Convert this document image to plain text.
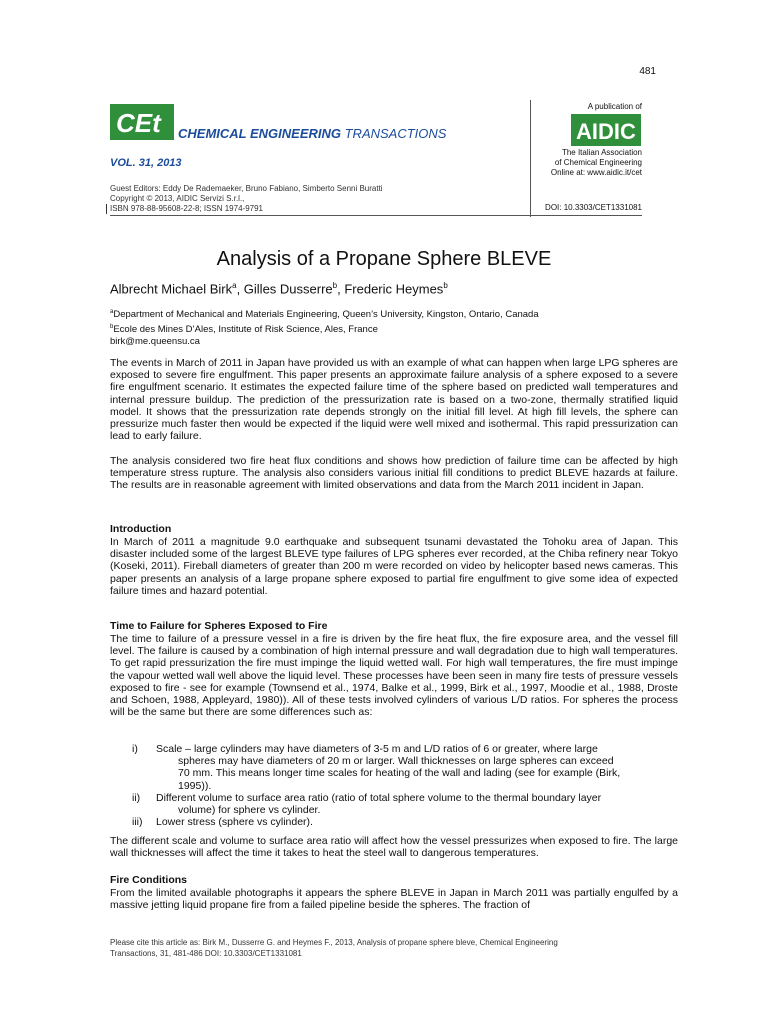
481
CEt CHEMICAL ENGINEERING TRANSACTIONS
VOL. 31, 2013
Guest Editors: Eddy De Rademaeker, Bruno Fabiano, Simberto Senni Buratti
Copyright © 2013, AIDIC Servizi S.r.l.,
ISBN 978-88-95608-22-8; ISSN 1974-9791
A publication of
AIDIC
The Italian Association
of Chemical Engineering
Online at: www.aidic.it/cet
DOI: 10.3303/CET1331081
Analysis of a Propane Sphere BLEVE
Albrecht Michael Birk$^a$, Gilles Dusserre$^b$, Frederic Heymes$^b$
$^a$Department of Mechanical and Materials Engineering, Queen’s University, Kingston, Ontario, Canada
$^b$Ecole des Mines D’Ales, Institute of Risk Science, Ales, France
birk@me.queensu.ca
The events in March of 2011 in Japan have provided us with an example of what can happen when large LPG spheres are exposed to severe fire engulfment. This paper presents an approximate failure analysis of a sphere exposed to a severe fire engulfment scenario. It estimates the expected failure time of the sphere based on predicted wall temperatures and internal pressure buildup. The prediction of the pressurization rate is based on a two-zone, thermally stratified liquid model. It shows that the pressurization rate depends strongly on the initial fill level. At high fill levels, the sphere can pressurize much faster then would be expected if the liquid were well mixed and isothermal. This rapid pressurization can lead to early failure.
The analysis considered two fire heat flux conditions and shows how prediction of failure time can be affected by high temperature stress rupture. The analysis also considers various initial fill conditions to predict BLEVE hazards at failure. The results are in reasonable agreement with limited observations and data from the March 2011 incident in Japan.
Introduction
In March of 2011 a magnitude 9.0 earthquake and subsequent tsunami devastated the Tohoku area of Japan. This disaster included some of the largest BLEVE type failures of LPG spheres ever recorded, at the Chiba refinery near Tokyo (Koseki, 2011). Fireball diameters of greater than 200 m were recorded on video by helicopter based news cameras. This paper presents an analysis of a large propane sphere exposed to partial fire engulfment to give some idea of expected failure times and hazard potential.
Time to Failure for Spheres Exposed to Fire
The time to failure of a pressure vessel in a fire is driven by the fire heat flux, the fire exposure area, and the vessel fill level. The failure is caused by a combination of high internal pressure and wall degradation due to high wall temperatures. To get rapid pressurization the fire must impinge the liquid wetted wall. For high wall temperatures, the fire must impinge the vapour wetted wall well above the liquid level. These processes have been seen in many fire tests of pressure vessels exposed to fire - see for example (Townsend et al., 1974, Balke et al., 1999, Birk et al., 1997, Moodie et al., 1988, Droste and Schoen, 1988, Appleyard, 1980)). All of these tests involved cylinders of various L/D ratios. For spheres the process will be the same but there are some differences such as:
i) Scale – large cylinders may have diameters of 3-5 m and L/D ratios of 6 or greater, where large
spheres may have diameters of 20 m or larger. Wall thicknesses on large spheres can exceed
70 mm. This means longer time scales for heating of the wall and lading (see for example (Birk,
1995)).
ii) Different volume to surface area ratio (ratio of total sphere volume to the thermal boundary layer
volume) for sphere vs cylinder.
iii) Lower stress (sphere vs cylinder).
The different scale and volume to surface area ratio will affect how the vessel pressurizes when exposed to fire. The large wall thicknesses will affect the time it takes to heat the steel wall to dangerous temperatures.
Fire Conditions
From the limited available photographs it appears the sphere BLEVE in Japan in March 2011 was partially engulfed by a massive jetting liquid propane fire from a failed pipeline beside the spheres. The fraction of
Please cite this article as: Birk M., Dusserre G. and Heymes F., 2013, Analysis of propane sphere bleve, Chemical Engineering
Transactions, 31, 481-486 DOI: 10.3303/CET1331081
